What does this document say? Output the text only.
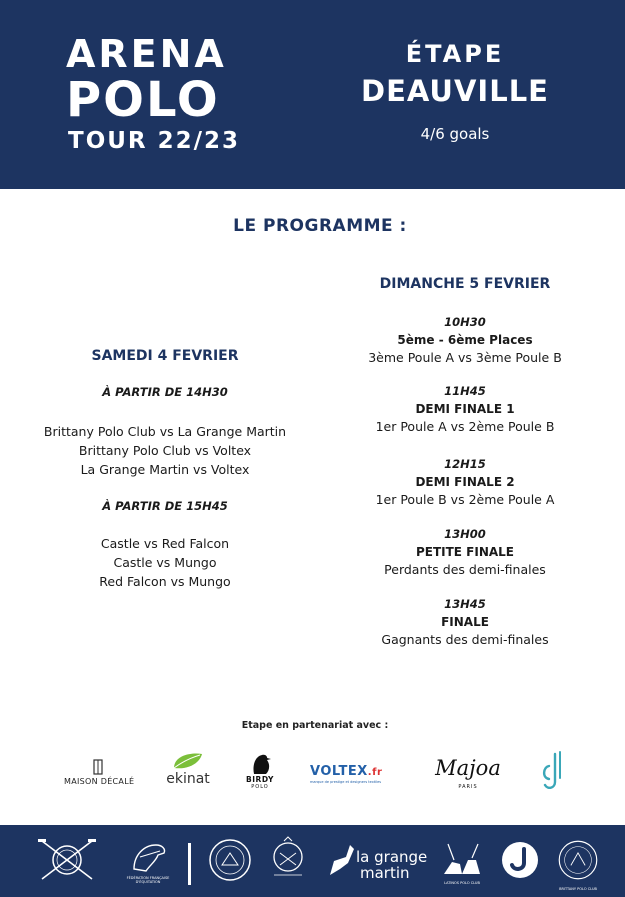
ARENA
POLO
TOUR 22/23
ÉTAPE
DEAUVILLE
4/6 goals
LE PROGRAMME :
SAMEDI 4 FEVRIER
À PARTIR DE 14H30
Brittany Polo Club vs La Grange Martin
Brittany Polo Club vs Voltex
La Grange Martin vs Voltex
À PARTIR DE 15H45
Castle vs Red Falcon
Castle vs Mungo
Red Falcon vs Mungo
DIMANCHE 5 FEVRIER
10H30
5ème - 6ème Places
3ème Poule A vs 3ème Poule B
11H45
DEMI FINALE 1
1er Poule A vs 2ème Poule B
12H15
DEMI FINALE 2
1er Poule B vs 2ème Poule A
13H00
PETITE FINALE
Perdants des demi-finales
13H45
FINALE
Gagnants des demi-finales
Etape en partenariat avec :
MAISON DÉCALÉ	ekinat	BIRDY
POLO
VOLTEX.fr
marque de prestige et designers textiles
Majoa
PARIS
FÉDÉRATION FRANÇAISE D'ÉQUITATION
la grange
martin
LATINOS POLO CLUB
BRITTANY POLO CLUB
